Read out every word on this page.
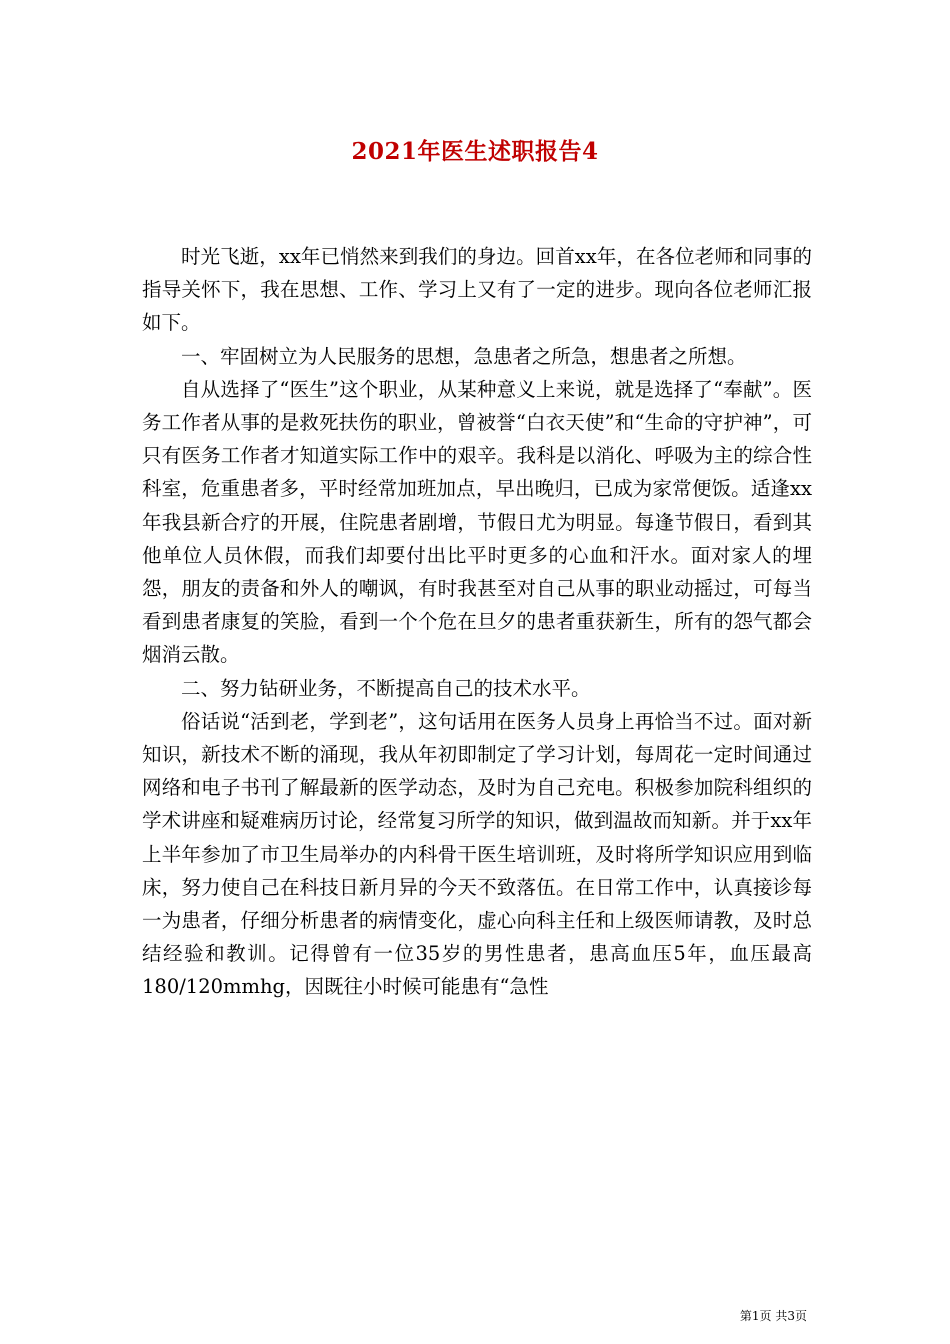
2021年医生述职报告4

时光飞逝，xx年已悄然来到我们的身边。回首xx年，在各位老师和同事的指导关怀下，我在思想、工作、学习上又有了一定的进步。现向各位老师汇报如下。

一、牢固树立为人民服务的思想，急患者之所急，想患者之所想。

自从选择了“医生”这个职业，从某种意义上来说，就是选择了“奉献”。医务工作者从事的是救死扶伤的职业，曾被誉“白衣天使”和“生命的守护神”，可只有医务工作者才知道实际工作中的艰辛。我科是以消化、呼吸为主的综合性科室，危重患者多，平时经常加班加点，早出晚归，已成为家常便饭。适逢xx年我县新合疗的开展，住院患者剧增，节假日尤为明显。每逢节假日，看到其他单位人员休假，而我们却要付出比平时更多的心血和汗水。面对家人的埋怨，朋友的责备和外人的嘲讽，有时我甚至对自己从事的职业动摇过，可每当看到患者康复的笑脸，看到一个个危在旦夕的患者重获新生，所有的怨气都会烟消云散。

二、努力钻研业务，不断提高自己的技术水平。

俗话说“活到老，学到老”，这句话用在医务人员身上再恰当不过。面对新知识，新技术不断的涌现，我从年初即制定了学习计划，每周花一定时间通过网络和电子书刊了解最新的医学动态，及时为自己充电。积极参加院科组织的学术讲座和疑难病历讨论，经常复习所学的知识，做到温故而知新。并于xx年上半年参加了市卫生局举办的内科骨干医生培训班，及时将所学知识应用到临床，努力使自己在科技日新月异的今天不致落伍。在日常工作中，认真接诊每一为患者，仔细分析患者的病情变化，虚心向科主任和上级医师请教，及时总结经验和教训。记得曾有一位35岁的男性患者，患高血压5年，血压最高180/120mmhg，因既往小时候可能患有“急性

第1页 共3页
